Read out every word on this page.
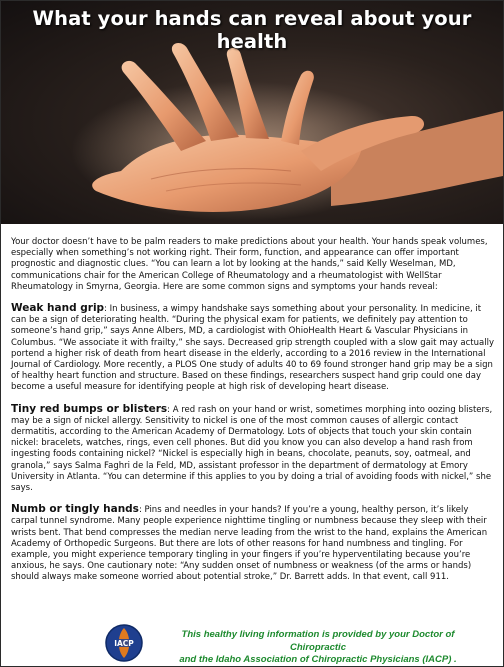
What your hands can reveal about your health

Your doctor doesn’t have to be palm readers to make predictions about your health. Your hands speak volumes, especially when something’s not working right. Their form, function, and appearance can offer important prognostic and diagnostic clues. “You can learn a lot by looking at the hands,” said Kelly Weselman, MD, communications chair for the American College of Rheumatology and a rheumatologist with WellStar Rheumatology in Smyrna, Georgia. Here are some common signs and symptoms your hands reveal:

Weak hand grip: In business, a wimpy handshake says something about your personality. In medicine, it can be a sign of deteriorating health. “During the physical exam for patients, we definitely pay attention to someone’s hand grip,” says Anne Albers, MD, a cardiologist with OhioHealth Heart & Vascular Physicians in Columbus. “We associate it with frailty,” she says. Decreased grip strength coupled with a slow gait may actually portend a higher risk of death from heart disease in the elderly, according to a 2016 review in the International Journal of Cardiology. More recently, a PLOS One study of adults 40 to 69 found stronger hand grip may be a sign of healthy heart function and structure. Based on these findings, researchers suspect hand grip could one day become a useful measure for identifying people at high risk of developing heart disease.

Tiny red bumps or blisters: A red rash on your hand or wrist, sometimes morphing into oozing blisters, may be a sign of nickel allergy. Sensitivity to nickel is one of the most common causes of allergic contact dermatitis, according to the American Academy of Dermatology. Lots of objects that touch your skin contain nickel: bracelets, watches, rings, even cell phones. But did you know you can also develop a hand rash from ingesting foods containing nickel? “Nickel is especially high in beans, chocolate, peanuts, soy, oatmeal, and granola,” says Salma Faghri de la Feld, MD, assistant professor in the department of dermatology at Emory University in Atlanta. “You can determine if this applies to you by doing a trial of avoiding foods with nickel,” she says.

Numb or tingly hands: Pins and needles in your hands? If you’re a young, healthy person, it’s likely carpal tunnel syndrome. Many people experience nighttime tingling or numbness because they sleep with their wrists bent. That bend compresses the median nerve leading from the wrist to the hand, explains the American Academy of Orthopedic Surgeons. But there are lots of other reasons for hand numbness and tingling. For example, you might experience temporary tingling in your fingers if you’re hyperventilating because you’re anxious, he says. One cautionary note: “Any sudden onset of numbness or weakness (of the arms or hands) should always make someone worried about potential stroke,” Dr. Barrett adds. In that event, call 911.

IACP
This healthy living information is provided by your Doctor of Chiropractic
and the Idaho Association of Chiropractic Physicians (IACP) .
